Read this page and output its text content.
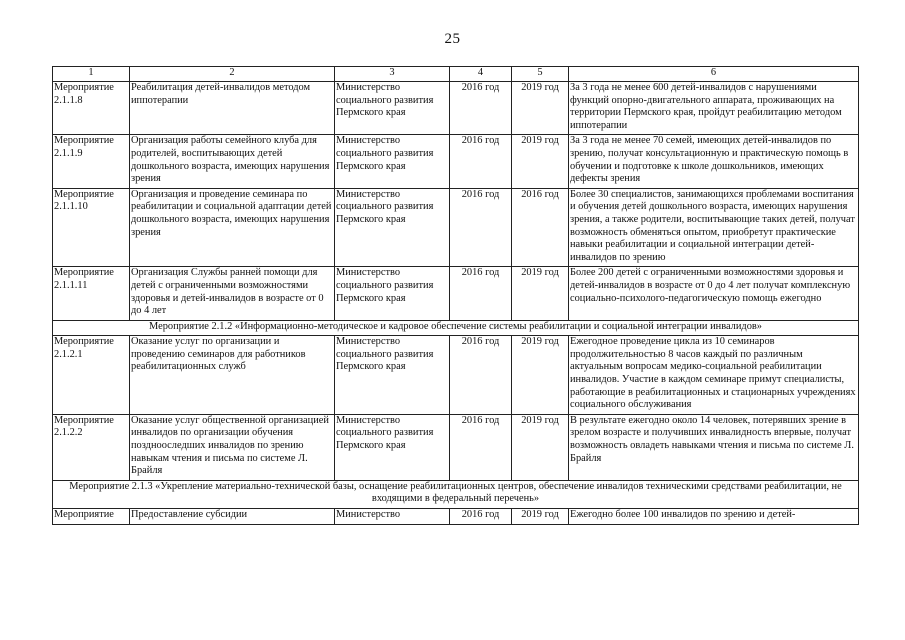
25
1	2	3	4	5	6
Мероприятие 2.1.1.8	Реабилитация детей-инвалидов методом иппотерапии	Министерство социального развития Пермского края	2016 год	2019 год	За 3 года не менее 600 детей-инвалидов с нарушениями функций опорно-двигательного аппарата, проживающих на территории Пермского края, пройдут реабилитацию методом иппотерапии
Мероприятие 2.1.1.9	Организация работы семейного клуба для родителей, воспитывающих детей дошкольного возраста, имеющих нарушения зрения	Министерство социального развития Пермского края	2016 год	2019 год	За 3 года не менее 70 семей, имеющих детей-инвалидов по зрению, получат консультационную и практическую помощь в обучении и подготовке к школе дошкольников, имеющих дефекты зрения
Мероприятие 2.1.1.10	Организация и проведение семинара по реабилитации и социальной адаптации детей дошкольного возраста, имеющих нарушения зрения	Министерство социального развития Пермского края	2016 год	2016 год	Более 30 специалистов, занимающихся проблемами воспитания и обучения детей дошкольного возраста, имеющих нарушения зрения, а также родители, воспитывающие таких детей, получат возможность обменяться опытом, приобретут практические навыки реабилитации и социальной интеграции детей-инвалидов по зрению
Мероприятие 2.1.1.11	Организация Службы ранней помощи для детей с ограниченными возможностями здоровья и детей-инвалидов в возрасте от 0 до 4 лет	Министерство социального развития Пермского края	2016 год	2019 год	Более 200 детей с ограниченными возможностями здоровья и детей-инвалидов в возрасте от 0 до 4 лет получат комплексную социально-психолого-педагогическую помощь ежегодно
Мероприятие 2.1.2 «Информационно-методическое и кадровое обеспечение системы реабилитации и социальной интеграции инвалидов»					
Мероприятие 2.1.2.1	Оказание услуг по организации и проведению семинаров для работников реабилитационных служб	Министерство социального развития Пермского края	2016 год	2019 год	Ежегодное проведение цикла из 10 семинаров продолжительностью 8 часов каждый по различным актуальным вопросам медико-социальной реабилитации инвалидов. Участие в каждом семинаре примут специалисты, работающие в реабилитационных и стационарных учреждениях социального обслуживания
Мероприятие 2.1.2.2	Оказание услуг общественной организацией инвалидов по организации обучения позднооследших инвалидов по зрению навыкам чтения и письма по системе Л. Брайля	Министерство социального развития Пермского края	2016 год	2019 год	В результате ежегодно около 14 человек, потерявших зрение в зрелом возрасте и получивших инвалидность впервые, получат возможность овладеть навыками чтения и письма по системе Л. Брайля
Мероприятие 2.1.3 «Укрепление материально-технической базы, оснащение реабилитационных центров, обеспечение инвалидов техническими средствами реабилитации, не входящими в федеральный перечень»					
Мероприятие	Предоставление субсидии	Министерство	2016 год	2019 год	Ежегодно более 100 инвалидов по зрению и детей-
